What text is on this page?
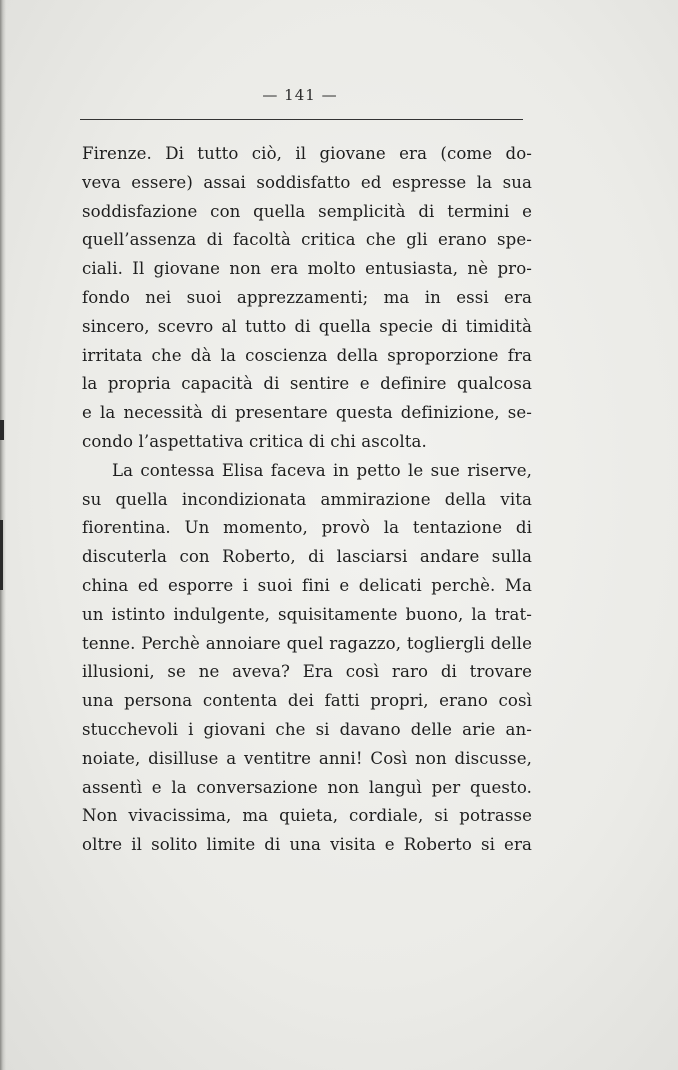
— 141 —
Firenze. Di tutto ciò, il giovane era (come do-
veva essere) assai soddisfatto ed espresse la sua
soddisfazione con quella semplicità di termini e
quell’assenza di facoltà critica che gli erano spe-
ciali. Il giovane non era molto entusiasta, nè pro-
fondo nei suoi apprezzamenti; ma in essi era
sincero, scevro al tutto di quella specie di timidità
irritata che dà la coscienza della sproporzione fra
la propria capacità di sentire e definire qualcosa
e la necessità di presentare questa definizione, se-
condo l’aspettativa critica di chi ascolta.
La contessa Elisa faceva in petto le sue riserve,
su quella incondizionata ammirazione della vita
fiorentina. Un momento, provò la tentazione di
discuterla con Roberto, di lasciarsi andare sulla
china ed esporre i suoi fini e delicati perchè. Ma
un istinto indulgente, squisitamente buono, la trat-
tenne. Perchè annoiare quel ragazzo, togliergli delle
illusioni, se ne aveva? Era così raro di trovare
una persona contenta dei fatti propri, erano così
stucchevoli i giovani che si davano delle arie an-
noiate, disilluse a ventitre anni! Così non discusse,
assentì e la conversazione non languì per questo.
Non vivacissima, ma quieta, cordiale, si potrasse
oltre il solito limite di una visita e Roberto si era
